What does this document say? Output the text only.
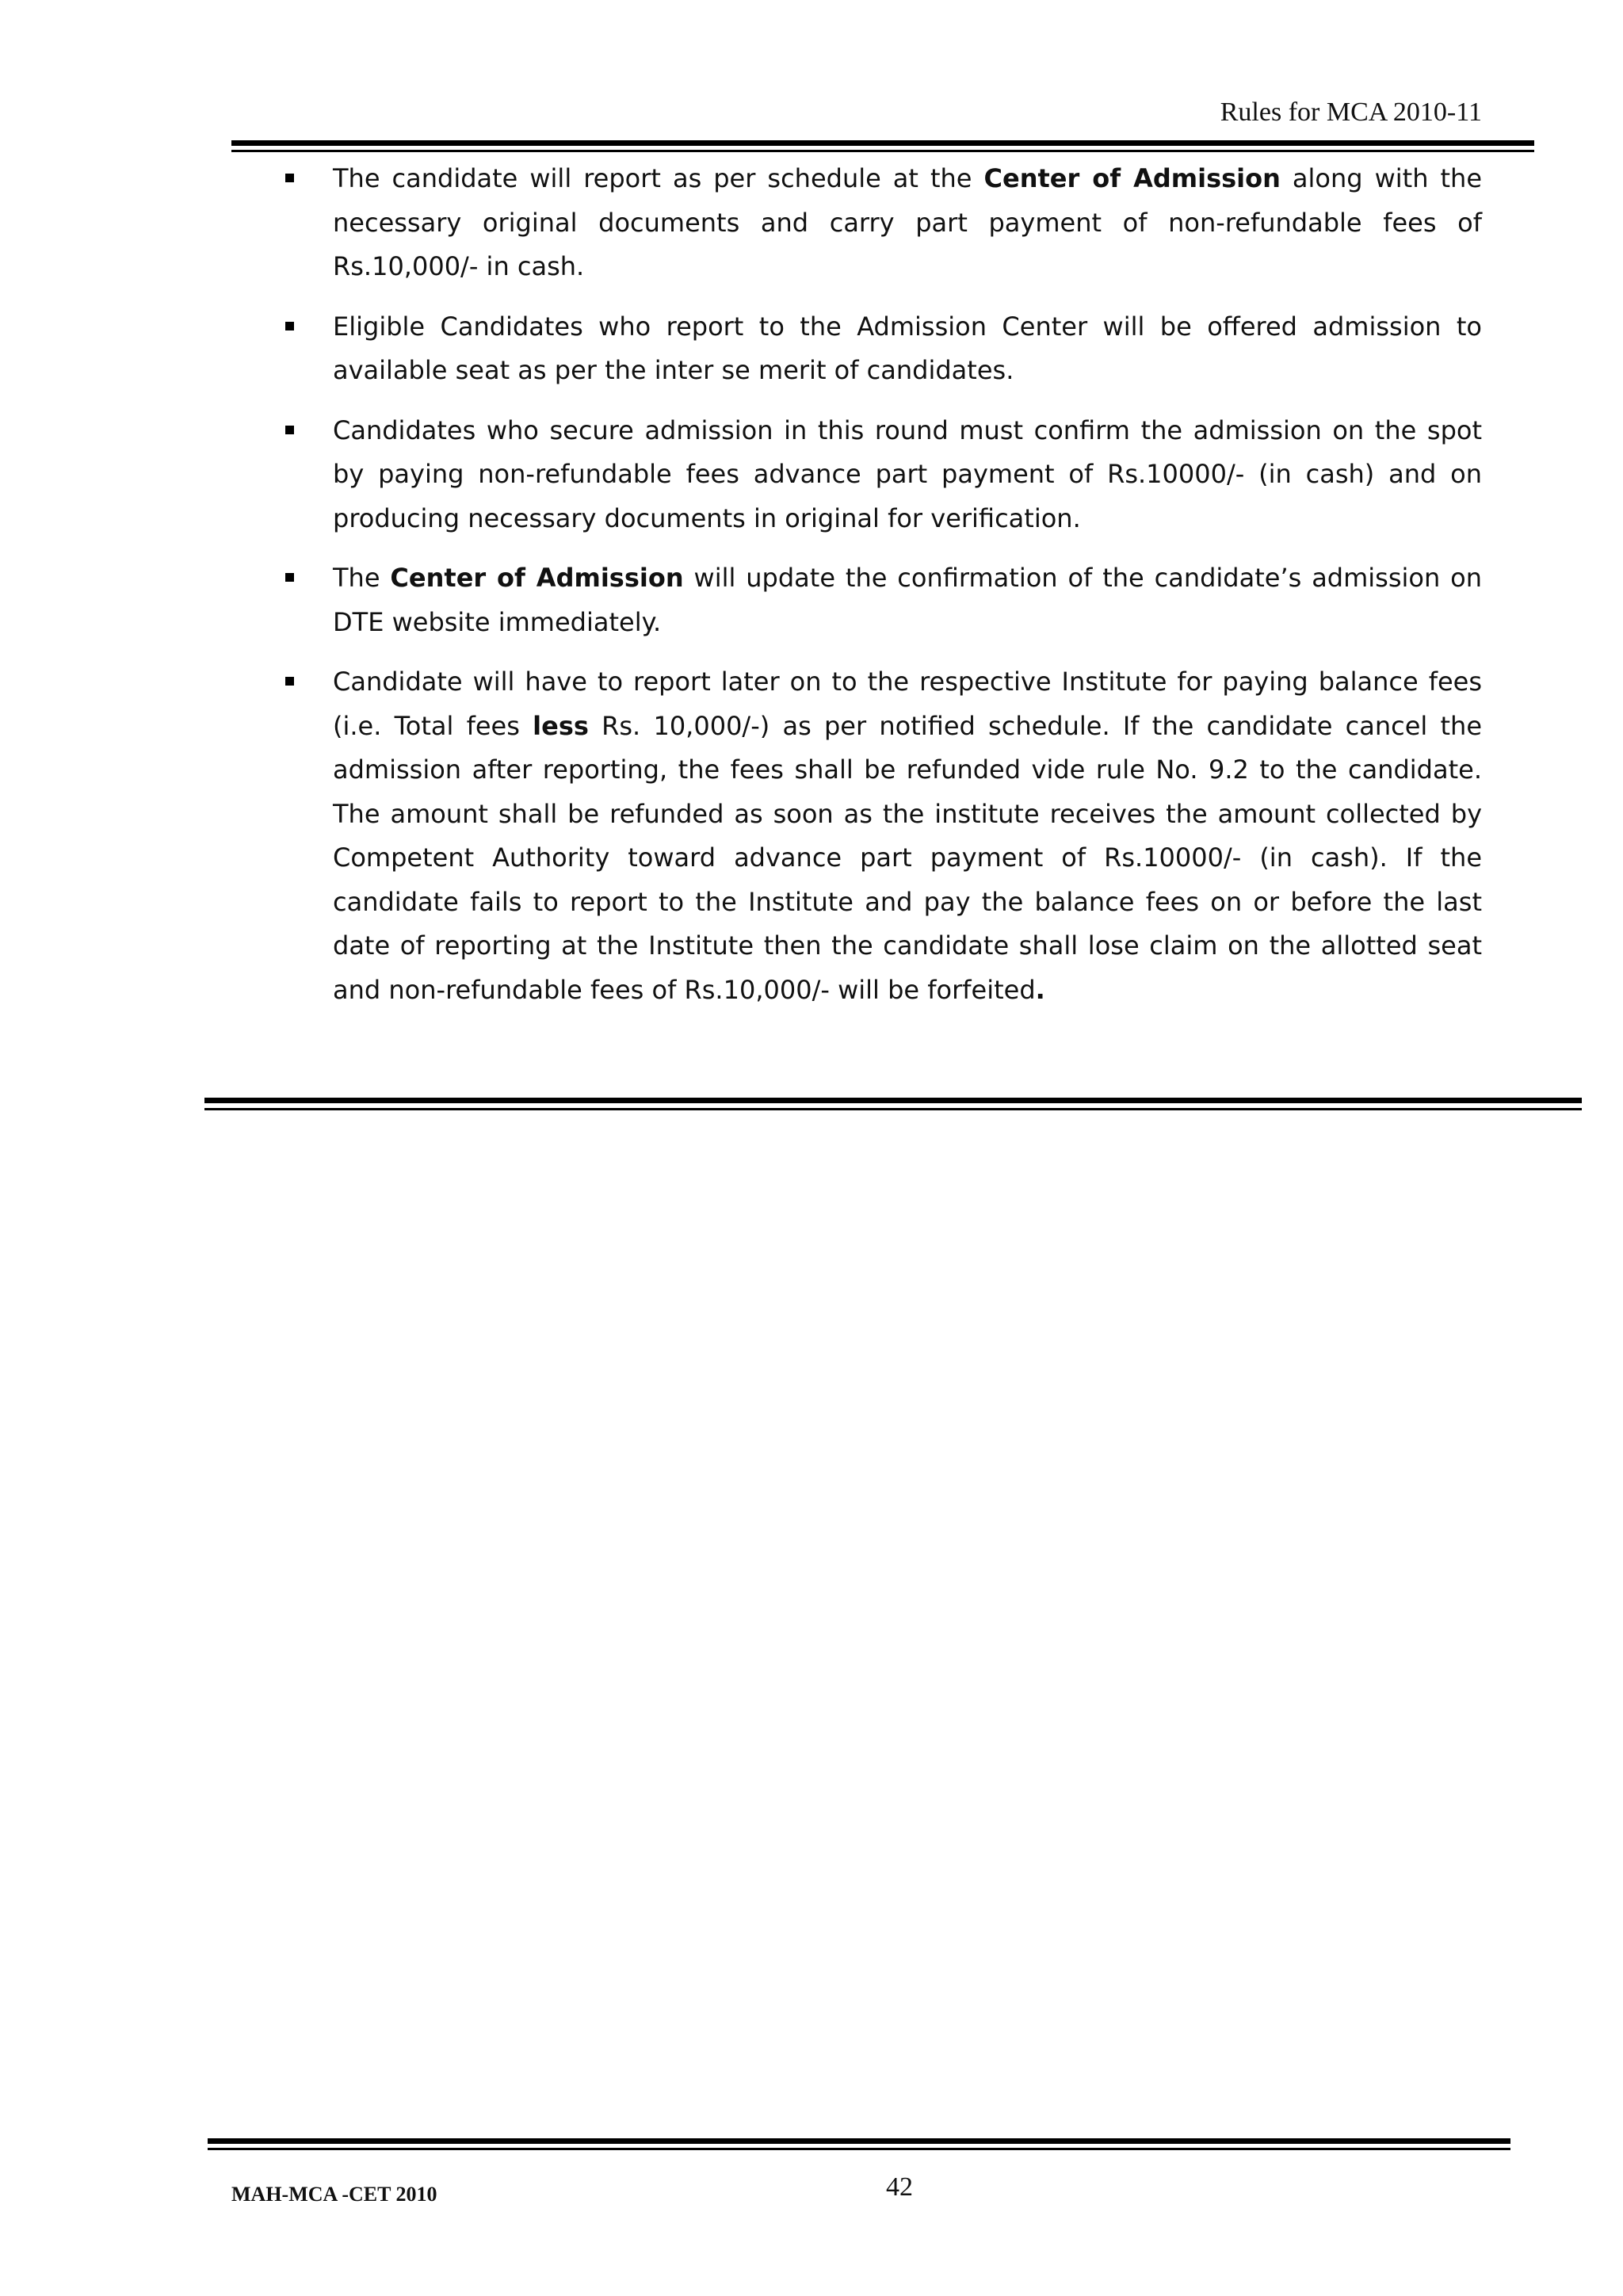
Rules for MCA 2010-11
The candidate will report as per schedule at the Center of Admission along with the necessary original documents and carry part payment of non-refundable fees of Rs.10,000/- in cash.
Eligible Candidates who report to the Admission Center will be offered admission to available seat as per the inter se merit of candidates.
Candidates who secure admission in this round must confirm the admission on the spot by paying non-refundable fees advance part payment of Rs.10000/- (in cash) and on producing necessary documents in original for verification.
The Center of Admission will update the confirmation of the candidate’s admission on DTE website immediately.
Candidate will have to report later on to the respective Institute for paying balance fees (i.e. Total fees less Rs. 10,000/-) as per notified schedule. If the candidate cancel the admission after reporting, the fees shall be refunded vide rule No. 9.2 to the candidate. The amount shall be refunded as soon as the institute receives the amount collected by Competent Authority toward advance part payment of Rs.10000/- (in cash). If the candidate fails to report to the Institute and pay the balance fees on or before the last date of reporting at the Institute then the candidate shall lose claim on the allotted seat and non-refundable fees of Rs.10,000/- will be forfeited.
MAH-MCA -CET 2010	42
